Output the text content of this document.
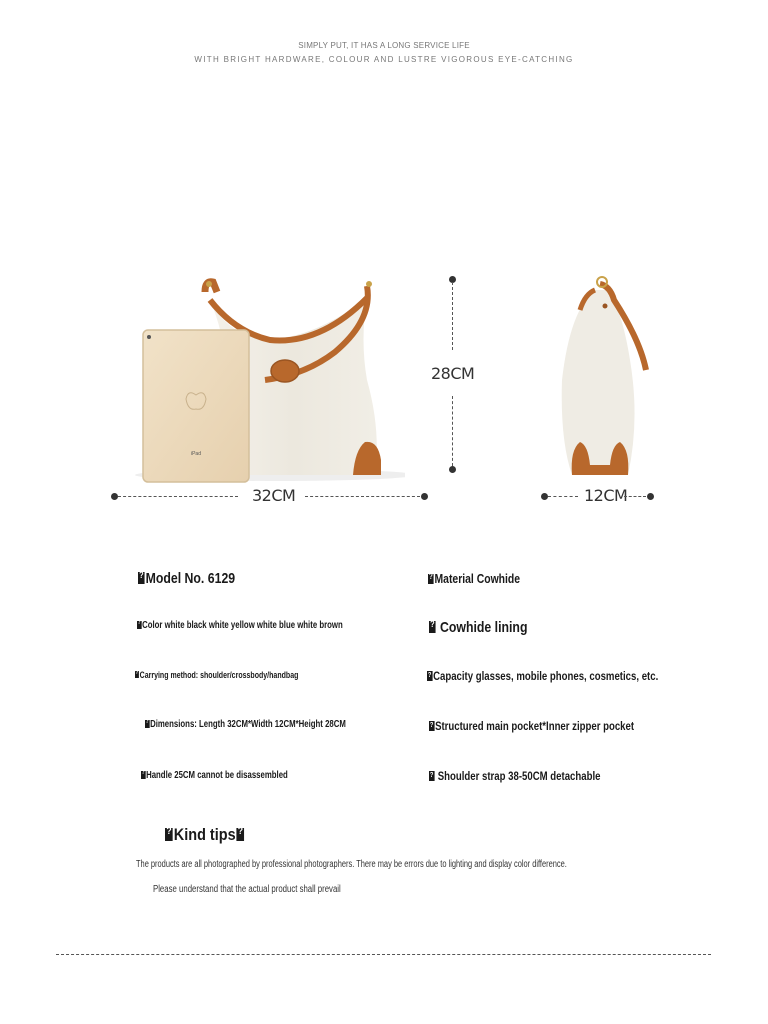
SIMPLY PUT, IT HAS A LONG SERVICE LIFE
WITH BRIGHT HARDWARE, COLOUR AND LUSTRE VIGOROUS EYE-CATCHING
iPad
28CM
32CM	12CM
?Model No. 6129
?Color white black white yellow white blue white brown
?Carrying method: shoulder/crossbody/handbag
?Dimensions: Length 32CM*Width 12CM*Height 28CM
?Handle 25CM cannot be disassembled
?Material Cowhide
? Cowhide lining
?Capacity glasses, mobile phones, cosmetics, etc.
?Structured main pocket*Inner zipper pocket
? Shoulder strap 38-50CM detachable
?Kind tips?
The products are all photographed by professional photographers. There may be errors due to lighting and display color difference.
Please understand that the actual product shall prevail
